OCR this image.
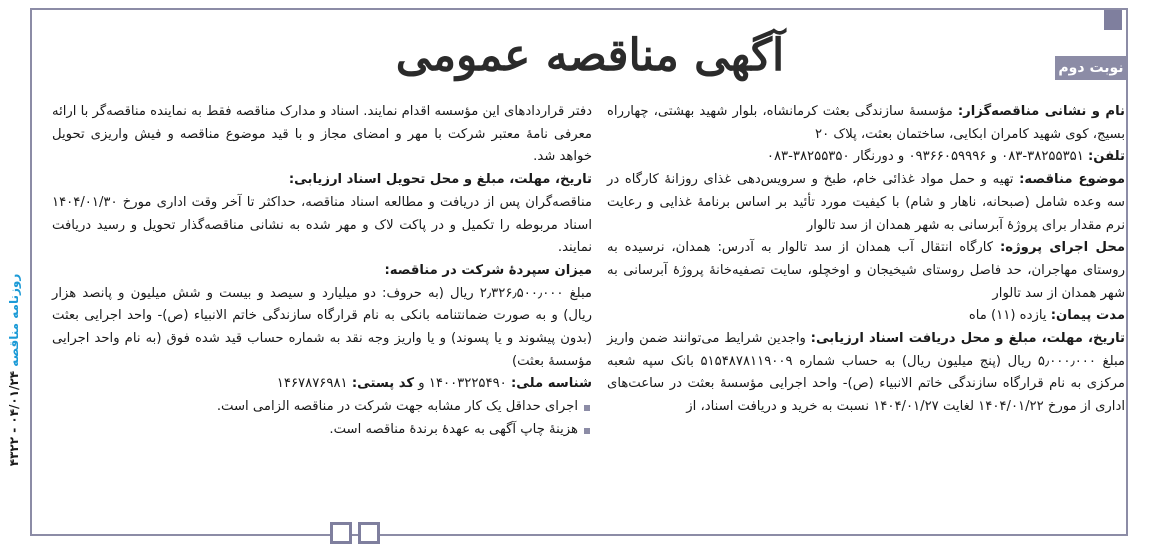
آگهی مناقصه عمومی	نوبت دوم

نام و نشانی مناقصه‌گزار: مؤسسهٔ سازندگی بعثت کرمانشاه، بلوار شهید بهشتی، چهارراه بسیج، کوی شهید کامران ابکایی، ساختمان بعثت، پلاک ۲۰

تلفن: ۳۸۲۵۵۳۵۱-۰۸۳ و ۰۹۳۶۶۰۵۹۹۹۶ و دورنگار ۳۸۲۵۵۳۵۰-۰۸۳

موضوع مناقصه: تهیه و حمل مواد غذائی خام، طبخ و سرویس‌دهی غذای روزانهٔ کارگاه در سه وعده شامل (صبحانه، ناهار و شام) با کیفیت مورد تأئید بر اساس برنامهٔ غذایی و رعایت نرم مقدار برای پروژهٔ آبرسانی به شهر همدان از سد تالوار

محل اجرای پروژه: کارگاه انتقال آب همدان از سد تالوار به آدرس: همدان، نرسیده به روستای مهاجران، حد فاصل روستای شیخیجان و اوخچلو، سایت تصفیه‌خانهٔ پروژهٔ آبرسانی به شهر همدان از سد تالوار

مدت پیمان: یازده (۱۱) ماه

تاریخ، مهلت، مبلغ و محل دریافت اسناد ارزیابی: واجدین شرایط می‌توانند ضمن واریز مبلغ ۵٫۰۰۰٫۰۰۰ ریال (پنج میلیون ریال) به حساب شماره ۵۱۵۴۸۷۸۱۱۹۰۰۹ بانک سپه شعبه مرکزی به نام قرارگاه سازندگی خاتم الانبیاء (ص)- واحد اجرایی مؤسسهٔ بعثت در ساعت‌های اداری از مورخ ۱۴۰۴/۰۱/۲۲ لغایت ۱۴۰۴/۰۱/۲۷ نسبت به خرید و دریافت اسناد، از

دفتر قراردادهای این مؤسسه اقدام نمایند. اسناد و مدارک مناقصه فقط به نماینده مناقصه‌گر با ارائه معرفی نامهٔ معتبر شرکت با مهر و امضای مجاز و با قید موضوع مناقصه و فیش واریزی تحویل خواهد شد.

تاریخ، مهلت، مبلغ و محل تحویل اسناد ارزیابی:

مناقصه‌گران پس از دریافت و مطالعه اسناد مناقصه، حداکثر تا آخر وقت اداری مورخ ۱۴۰۴/۰۱/۳۰ اسناد مربوطه را تکمیل و در پاکت لاک و مهر شده به نشانی مناقصه‌گذار تحویل و رسید دریافت نمایند.

میزان سپردهٔ شرکت در مناقصه:

مبلغ ۲٫۳۲۶٫۵۰۰٫۰۰۰ ریال (به حروف: دو میلیارد و سیصد و بیست و شش میلیون و پانصد هزار ریال) و به صورت ضمانتنامه بانکی به نام قرارگاه سازندگی خاتم الانبیاء (ص)- واحد اجرایی بعثت (بدون پیشوند و یا پسوند) و یا واریز وجه نقد به شماره حساب قید شده فوق (به نام واحد اجرایی مؤسسهٔ بعثت)

شناسه ملی: ۱۴۰۰۳۲۲۵۴۹۰ و کد پستی: ۱۴۶۷۸۷۶۹۸۱

اجرای حداقل یک کار مشابه جهت شرکت در مناقصه الزامی است.

هزینهٔ چاپ آگهی به عهدهٔ برندهٔ مناقصه است.

روزنامه مناقصه ۰۴/۰۱/۲۴ - ۴۳۲۲
